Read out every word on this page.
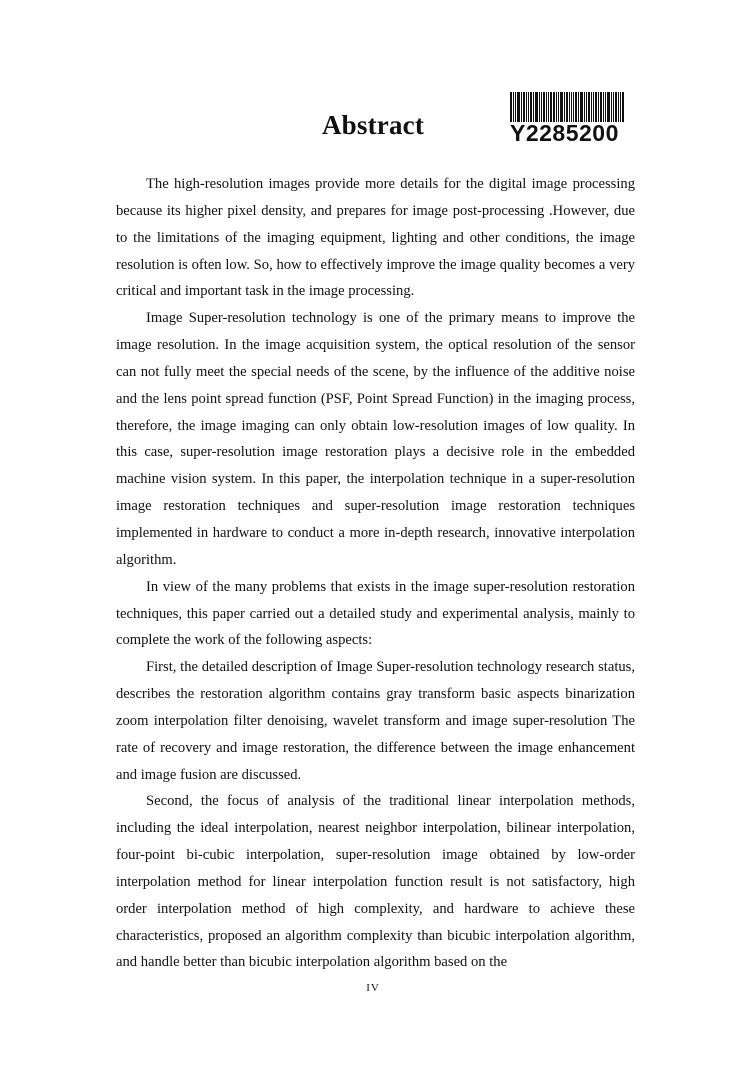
Abstract	Y2285200

The high-resolution images provide more details for the digital image processing because its higher pixel density, and prepares for image post-processing .However, due to the limitations of the imaging equipment, lighting and other conditions, the image resolution is often low. So, how to effectively improve the image quality becomes a very critical and important task in the image processing.

Image Super-resolution technology is one of the primary means to improve the image resolution. In the image acquisition system, the optical resolution of the sensor can not fully meet the special needs of the scene, by the influence of the additive noise and the lens point spread function (PSF, Point Spread Function) in the imaging process, therefore, the image imaging can only obtain low-resolution images of low quality. In this case, super-resolution image restoration plays a decisive role in the embedded machine vision system. In this paper, the interpolation technique in a super-resolution image restoration techniques and super-resolution image restoration techniques implemented in hardware to conduct a more in-depth research, innovative interpolation algorithm.

In view of the many problems that exists in the image super-resolution restoration techniques, this paper carried out a detailed study and experimental analysis, mainly to complete the work of the following aspects:

First, the detailed description of Image Super-resolution technology research status, describes the restoration algorithm contains gray transform basic aspects binarization zoom interpolation filter denoising, wavelet transform and image super-resolution The rate of recovery and image restoration, the difference between the image enhancement and image fusion are discussed.

Second, the focus of analysis of the traditional linear interpolation methods, including the ideal interpolation, nearest neighbor interpolation, bilinear interpolation, four-point bi-cubic interpolation, super-resolution image obtained by low-order interpolation method for linear interpolation function result is not satisfactory, high order interpolation method of high complexity, and hardware to achieve these characteristics, proposed an algorithm complexity than bicubic interpolation algorithm, and handle better than bicubic interpolation algorithm based on the

IV
